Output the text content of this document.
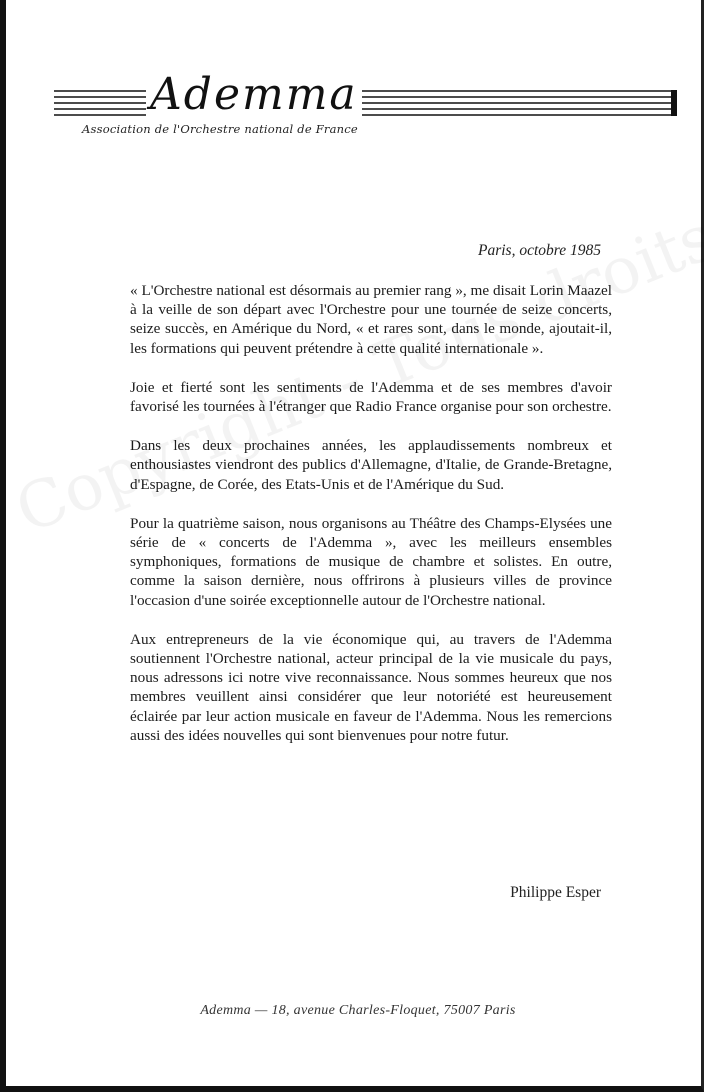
Ademma
Association de l'Orchestre national de France
Paris, octobre 1985

« L'Orchestre national est désormais au premier rang », me disait Lorin Maazel à la veille de son départ avec l'Orchestre pour une tournée de seize concerts, seize succès, en Amérique du Nord, « et rares sont, dans le monde, ajoutait-il, les formations qui peuvent prétendre à cette qualité internationale ».

Joie et fierté sont les sentiments de l'Ademma et de ses membres d'avoir favorisé les tournées à l'étranger que Radio France organise pour son orchestre.

Dans les deux prochaines années, les applaudissements nombreux et enthousiastes viendront des publics d'Allemagne, d'Italie, de Grande-Bretagne, d'Espagne, de Corée, des Etats-Unis et de l'Amérique du Sud.

Pour la quatrième saison, nous organisons au Théâtre des Champs-Elysées une série de « concerts de l'Ademma », avec les meilleurs ensembles symphoniques, formations de musique de chambre et solistes. En outre, comme la saison dernière, nous offrirons à plusieurs villes de province l'occasion d'une soirée exceptionnelle autour de l'Orchestre national.

Aux entrepreneurs de la vie économique qui, au travers de l'Ademma soutiennent l'Orchestre national, acteur principal de la vie musicale du pays, nous adressons ici notre vive reconnaissance. Nous sommes heureux que nos membres veuillent ainsi considérer que leur notoriété est heureusement éclairée par leur action musicale en faveur de l'Ademma. Nous les remercions aussi des idées nouvelles qui sont bienvenues pour notre futur.

Philippe Esper
Ademma — 18, avenue Charles-Floquet, 75007 Paris
